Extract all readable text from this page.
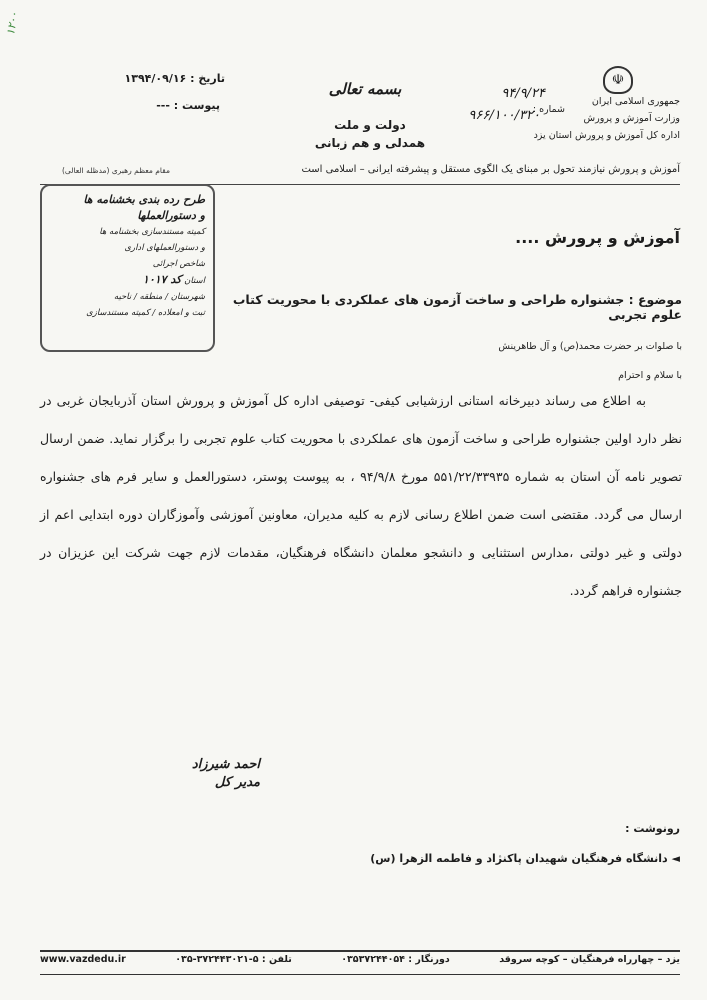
۱۲۰۰
تاریخ : ۱۳۹۴/۰۹/۱۶
پیوست : ---
بسمه تعالی
دولت و ملت
همدلی و هم زبانی
☫
جمهوری اسلامی ایران
وزارت آموزش و پرورش
اداره کل آموزش و پرورش استان یزد
۹۴/۹/۲۴
شماره :
۹۶۶/۱۰۰/۳۲۰
مقام معظم رهبری (مدظله العالی)	آموزش و پرورش نیازمند تحول بر مبنای یک الگوی مستقل و پیشرفته ایرانی – اسلامی است
طرح رده بندی بخشنامه ها
و دستورالعملها
کمیته مستندسازی بخشنامه ها
و دستورالعملهای اداری
شاخص اجرائی
استان کد ۱۰۱۷
شهرستان / منطقه / ناحیه
تبت و امعلاده / کمیته مستندسازی
آموزش و پرورش ....
موضوع : جشنواره طراحی و ساخت آزمون های عملکردی با محوریت کتاب علوم تجربی
با صلوات بر حضرت محمد(ص) و آل طاهرینش
با سلام و احترام
به اطلاع می رساند دبیرخانه استانی ارزشیابی کیفی- توصیفی اداره کل آموزش و پرورش استان آذربایجان غربی در نظر دارد اولین جشنواره طراحی و ساخت آزمون های عملکردی با محوریت کتاب علوم تجربی را برگزار نماید. ضمن ارسال تصویر نامه آن استان به شماره ۵۵۱/۲۲/۳۳۹۳۵ مورخ ۹۴/۹/۸ ، به پیوست پوستر، دستورالعمل و سایر فرم های جشنواره ارسال می گردد. مقتضی است ضمن اطلاع رسانی لازم به کلیه مدیران، معاونین آموزشی وآموزگاران دوره ابتدایی اعم از دولتی و غیر دولتی ،مدارس استثنایی و دانشجو معلمان دانشگاه فرهنگیان، مقدمات لازم جهت شرکت این عزیزان در جشنواره فراهم گردد.
احمد شیرزاد
مدیر کل
رونوشت :
◄ دانشگاه فرهنگیان شهیدان پاکنژاد و فاطمه الزهرا (س)
یزد – چهارراه فرهنگیان – کوچه سروقد
دورنگار : ۰۳۵۳۷۲۴۴۰۵۴
تلفن : ۵-۳۷۲۴۴۳۰۲۱-۰۳۵
www.vazdedu.ir
